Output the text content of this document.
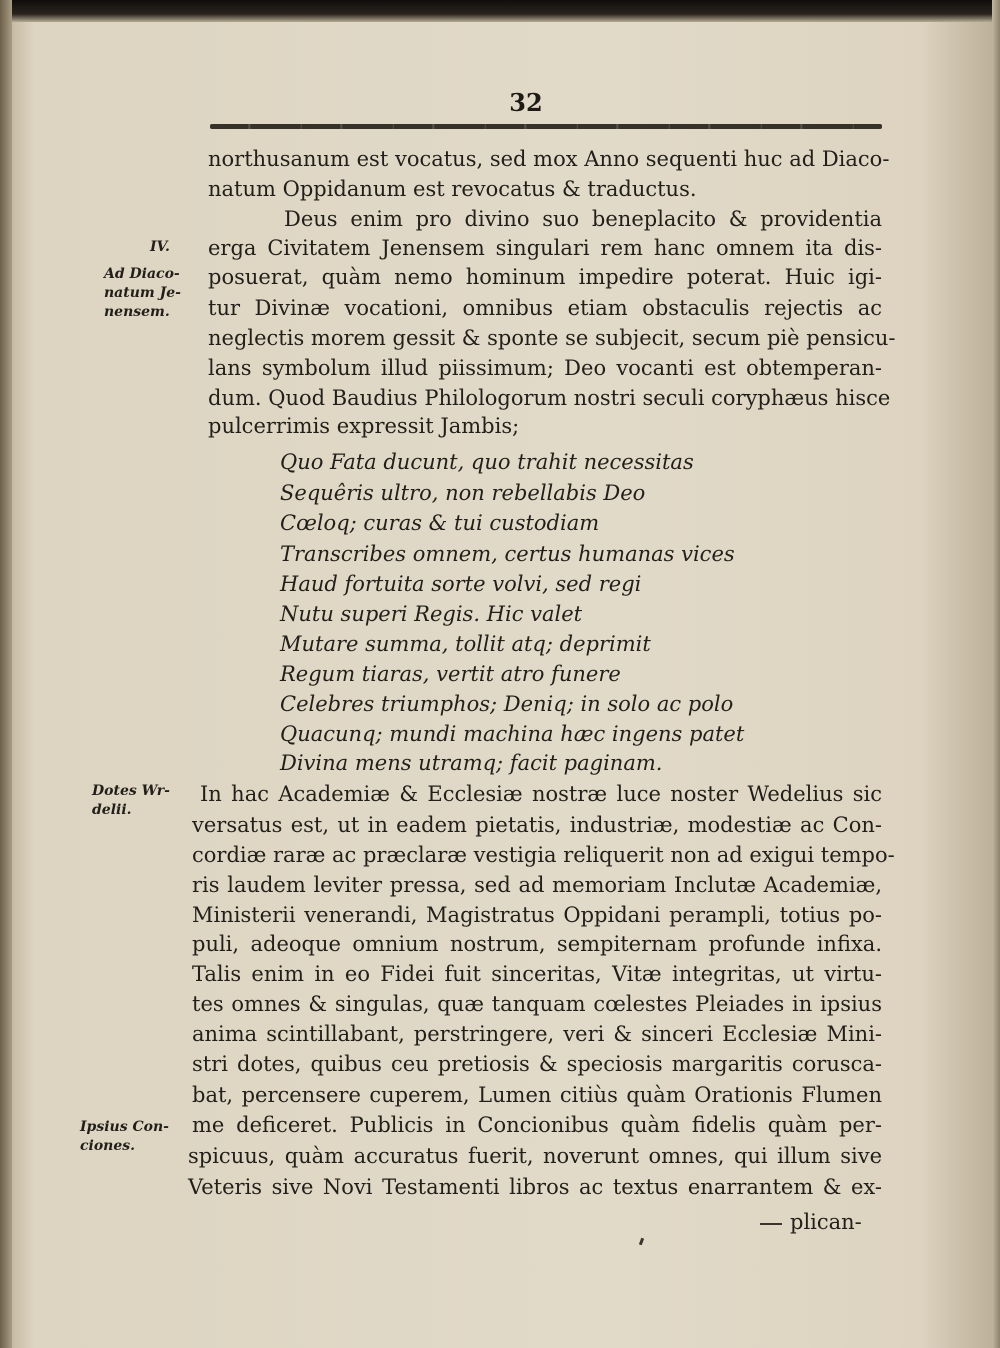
32
northusanum est vocatus, sed mox Anno sequenti huc ad Diaco-
natum Oppidanum est revocatus & traductus.
Deus enim pro divino suo beneplacito & providentia
erga Civitatem Jenensem singulari rem hanc omnem ita dis-
posuerat, quàm nemo hominum impedire poterat. Huic igi-
tur Divinæ vocationi, omnibus etiam obstaculis rejectis ac
neglectis morem gessit & sponte se subjecit, secum piè pensicu-
lans symbolum illud piissimum; Deo vocanti est obtemperan-
dum. Quod Baudius Philologorum nostri seculi coryphæus hisce
pulcerrimis expressit Jambis;
Quo Fata ducunt, quo trahit necessitas
Sequêris ultro, non rebellabis Deo
Cœloq; curas & tui custodiam
Transcribes omnem, certus humanas vices
Haud fortuita sorte volvi, sed regi
Nutu superi Regis. Hic valet
Mutare summa, tollit atq; deprimit
Regum tiaras, vertit atro funere
Celebres triumphos; Deniq; in solo ac polo
Quacunq; mundi machina hæc ingens patet
Divina mens utramq; facit paginam.
In hac Academiæ & Ecclesiæ nostræ luce noster Wedelius sic
versatus est, ut in eadem pietatis, industriæ, modestiæ ac Con-
cordiæ raræ ac præclaræ vestigia reliquerit non ad exigui tempo-
ris laudem leviter pressa, sed ad memoriam Inclutæ Academiæ,
Ministerii venerandi, Magistratus Oppidani perampli, totius po-
puli, adeoque omnium nostrum, sempiternam profunde infixa.
Talis enim in eo Fidei fuit sinceritas, Vitæ integritas, ut virtu-
tes omnes & singulas, quæ tanquam cœlestes Pleiades in ipsius
anima scintillabant, perstringere, veri & sinceri Ecclesiæ Mini-
stri dotes, quibus ceu pretiosis & speciosis margaritis corusca-
bat, percensere cuperem, Lumen citiùs quàm Orationis Flumen
me deficeret. Publicis in Concionibus quàm fidelis quàm per-
spicuus, quàm accuratus fuerit, noverunt omnes, qui illum sive
Veteris sive Novi Testamenti libros ac textus enarrantem & ex-
IV.
Ad Diaco-
natum Je-
nensem.
Dotes Wr-
delii.
Ipsius Con-
ciones.
plican-
